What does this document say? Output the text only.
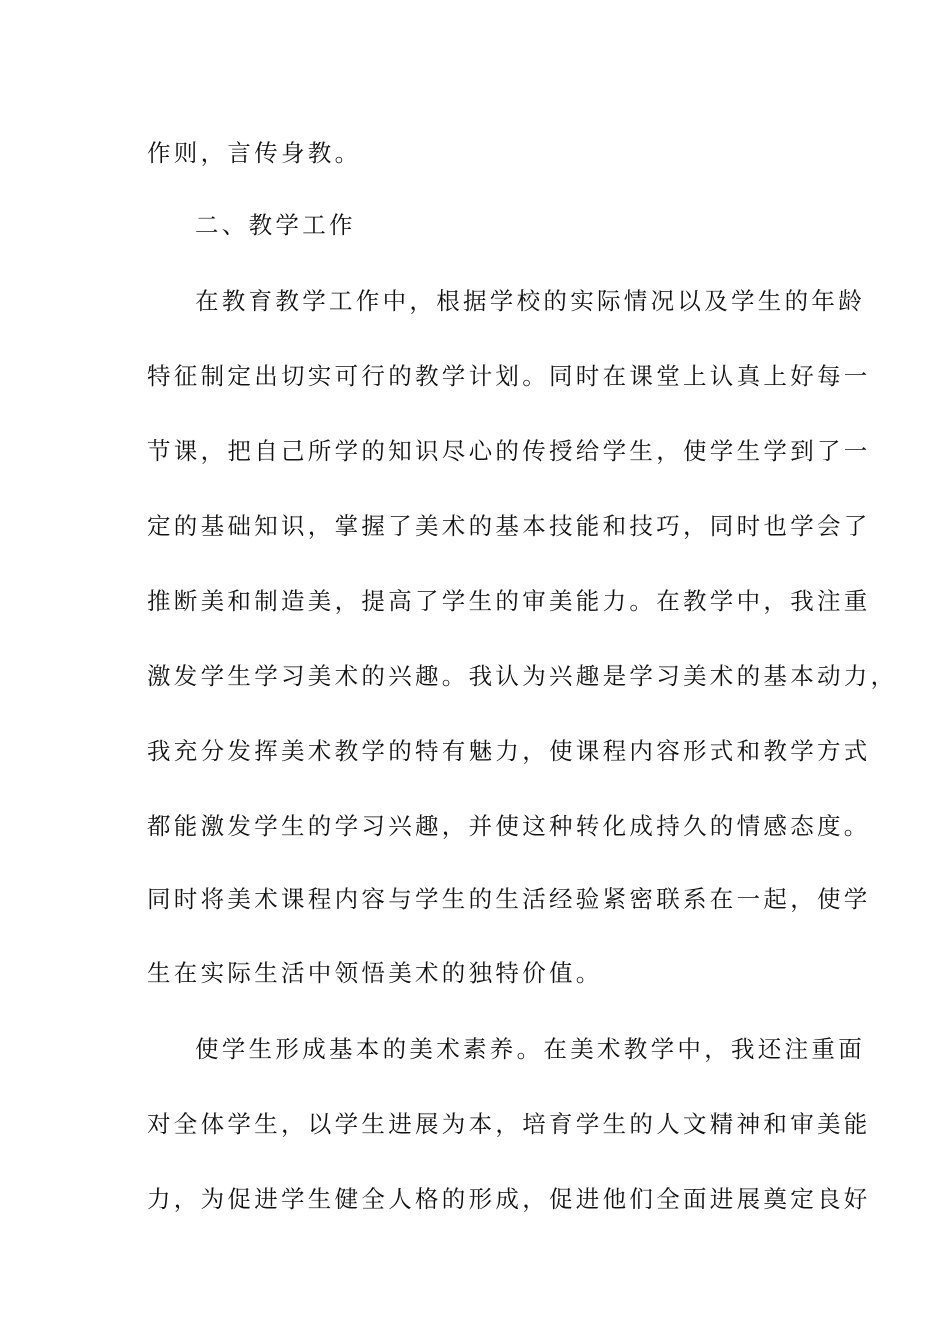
作则，言传身教。
二、教学工作
在教育教学工作中，根据学校的实际情况以及学生的年龄
特征制定出切实可行的教学计划。同时在课堂上认真上好每一
节课，把自己所学的知识尽心的传授给学生，使学生学到了一
定的基础知识，掌握了美术的基本技能和技巧，同时也学会了
推断美和制造美，提高了学生的审美能力。在教学中，我注重
激发学生学习美术的兴趣。我认为兴趣是学习美术的基本动力，
我充分发挥美术教学的特有魅力，使课程内容形式和教学方式
都能激发学生的学习兴趣，并使这种转化成持久的情感态度。
同时将美术课程内容与学生的生活经验紧密联系在一起，使学
生在实际生活中领悟美术的独特价值。
使学生形成基本的美术素养。在美术教学中，我还注重面
对全体学生，以学生进展为本，培育学生的人文精神和审美能
力，为促进学生健全人格的形成，促进他们全面进展奠定良好
